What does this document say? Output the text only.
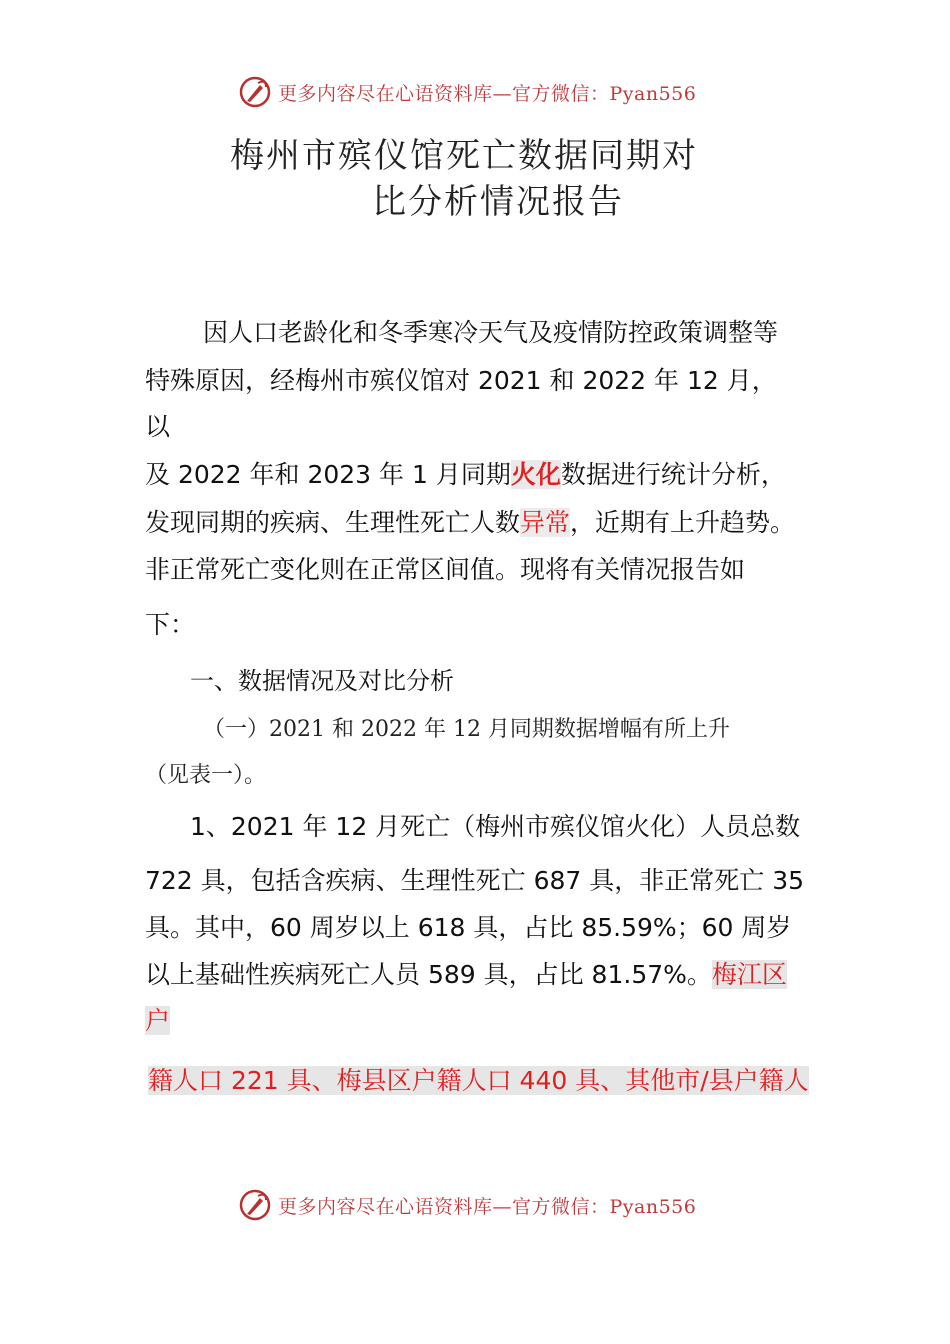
更多内容尽在心语资料库—官方微信：Pyan556
梅州市殡仪馆死亡数据同期对
比分析情况报告
因人口老龄化和冬季寒冷天气及疫情防控政策调整等
特殊原因，经梅州市殡仪馆对 2021 和 2022 年 12 月，
以
及 2022 年和 2023 年 1 月同期火化数据进行统计分析，
发现同期的疾病、生理性死亡人数异常，近期有上升趋势。
非正常死亡变化则在正常区间值。现将有关情况报告如
下：
一、数据情况及对比分析
（一）2021 和 2022 年 12 月同期数据增幅有所上升
（见表一）。
1、2021 年 12 月死亡（梅州市殡仪馆火化）人员总数
722 具，包括含疾病、生理性死亡 687 具，非正常死亡 35
具。其中，60 周岁以上 618 具，占比 85.59%；60 周岁
以上基础性疾病死亡人员 589 具，占比 81.57%。梅江区
户
籍人口 221 具、梅县区户籍人口 440 具、其他市/县户籍人
更多内容尽在心语资料库—官方微信：Pyan556
